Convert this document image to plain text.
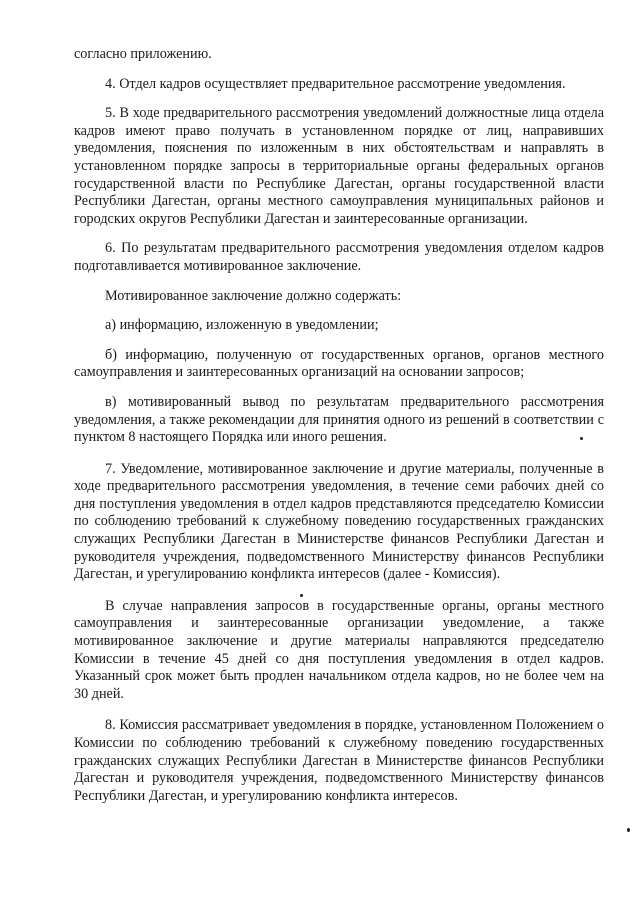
согласно приложению.

4. Отдел кадров осуществляет предварительное рассмотрение уведомления.

5. В ходе предварительного рассмотрения уведомлений должностные лица отдела кадров имеют право получать в установленном порядке от лиц, направивших уведомления, пояснения по изложенным в них обстоятельствам и направлять в установленном порядке запросы в территориальные органы федеральных органов государственной власти по Республике Дагестан, органы государственной власти Республики Дагестан, органы местного самоуправления муниципальных районов и городских округов Республики Дагестан и заинтересованные организации.

6. По результатам предварительного рассмотрения уведомления отделом кадров подготавливается мотивированное заключение.

Мотивированное заключение должно содержать:

а) информацию, изложенную в уведомлении;

б) информацию, полученную от государственных органов, органов местного самоуправления и заинтересованных организаций на основании запросов;

в) мотивированный вывод по результатам предварительного рассмотрения уведомления, а также рекомендации для принятия одного из решений в соответствии с пунктом 8 настоящего Порядка или иного решения.

7. Уведомление, мотивированное заключение и другие материалы, полученные в ходе предварительного рассмотрения уведомления, в течение семи рабочих дней со дня поступления уведомления в отдел кадров представляются председателю Комиссии по соблюдению требований к служебному поведению государственных гражданских служащих Республики Дагестан в Министерстве финансов Республики Дагестан и руководителя учреждения, подведомственного Министерству финансов Республики Дагестан, и урегулированию конфликта интересов (далее - Комиссия).

В случае направления запросов в государственные органы, органы местного самоуправления и заинтересованные организации уведомление, а также мотивированное заключение и другие материалы направляются председателю Комиссии в течение 45 дней со дня поступления уведомления в отдел кадров. Указанный срок может быть продлен начальником отдела кадров, но не более чем на 30 дней.

8. Комиссия рассматривает уведомления в порядке, установленном Положением о Комиссии по соблюдению требований к служебному поведению государственных гражданских служащих Республики Дагестан в Министерстве финансов Республики Дагестан и руководителя учреждения, подведомственного Министерству финансов Республики Дагестан, и урегулированию конфликта интересов.
